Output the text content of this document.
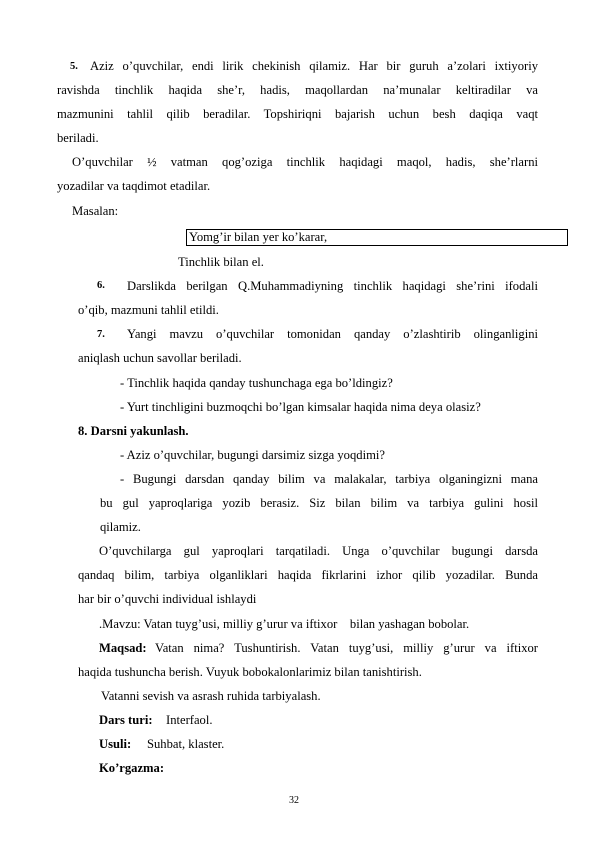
5. Aziz o’quvchilar, endi lirik chekinish qilamiz. Har bir guruh a’zolari ixtiyoriy
ravishda tinchlik haqida she’r, hadis, maqollardan na’munalar keltiradilar va
mazmunini tahlil qilib beradilar. Topshiriqni bajarish uchun besh daqiqa vaqt
beriladi.
O’quvchilar ½ vatman qog’oziga tinchlik haqidagi maqol, hadis, she’rlarni
yozadilar va taqdimot etadilar.
Masalan:
Yomg’ir bilan yer ko’karar,
Tinchlik bilan el.
6. Darslikda berilgan Q.Muhammadiyning tinchlik haqidagi she’rini ifodali
o’qib, mazmuni tahlil etildi.
7. Yangi mavzu o’quvchilar tomonidan qanday o’zlashtirib olinganligini
aniqlash uchun savollar beriladi.
- Tinchlik haqida qanday tushunchaga ega bo’ldingiz?
- Yurt tinchligini buzmoqchi bo’lgan kimsalar haqida nima deya olasiz?
8. Darsni yakunlash.
- Aziz o’quvchilar, bugungi darsimiz sizga yoqdimi?
- Bugungi darsdan qanday bilim va malakalar, tarbiya olganingizni mana
bu gul yaproqlariga yozib berasiz. Siz bilan bilim va tarbiya gulini hosil
qilamiz.
O’quvchilarga gul yaproqlari tarqatiladi. Unga o’quvchilar bugungi darsda
qandaq bilim, tarbiya olganliklari haqida fikrlarini izhor qilib yozadilar. Bunda
har bir o’quvchi individual ishlaydi
.Mavzu: Vatan tuyg’usi, milliy g’urur va iftixor    bilan yashagan bobolar.
Maqsad: Vatan nima? Tushuntirish. Vatan tuyg’usi, milliy g’urur va iftixor
haqida tushuncha berish. Vuyuk bobokalonlarimiz bilan tanishtirish.
Vatanni sevish va asrash ruhida tarbiyalash.
Dars turi: Interfaol.
Usuli: Suhbat, klaster.
Ko’rgazma:
32
